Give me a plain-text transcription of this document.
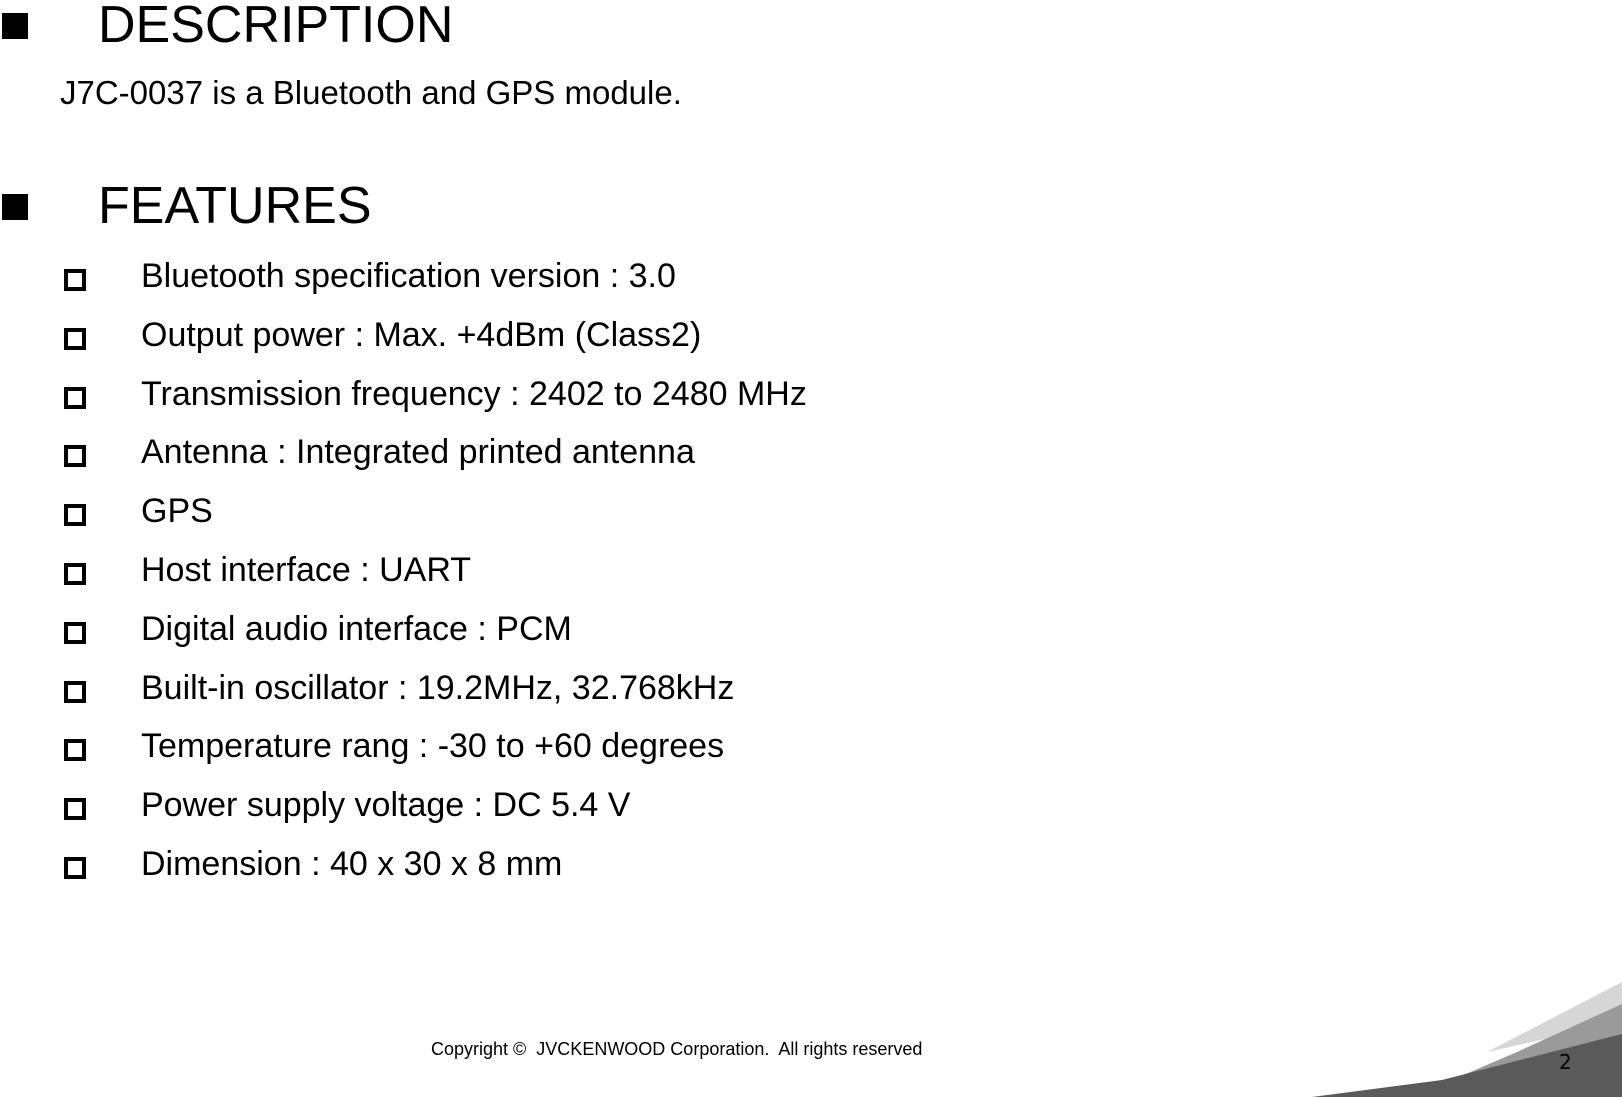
DESCRIPTION
J7C-0037 is a Bluetooth and GPS module.
FEATURES
Bluetooth specification version : 3.0
Output power : Max. +4dBm (Class2)
Transmission frequency : 2402 to 2480 MHz
Antenna : Integrated printed antenna
GPS
Host interface : UART
Digital audio interface : PCM
Built-in oscillator : 19.2MHz, 32.768kHz
Temperature rang : -30 to +60 degrees
Power supply voltage : DC 5.4 V
Dimension : 40 x 30 x 8 mm
Copyright ©  JVCKENWOOD Corporation.  All rights reserved
2
